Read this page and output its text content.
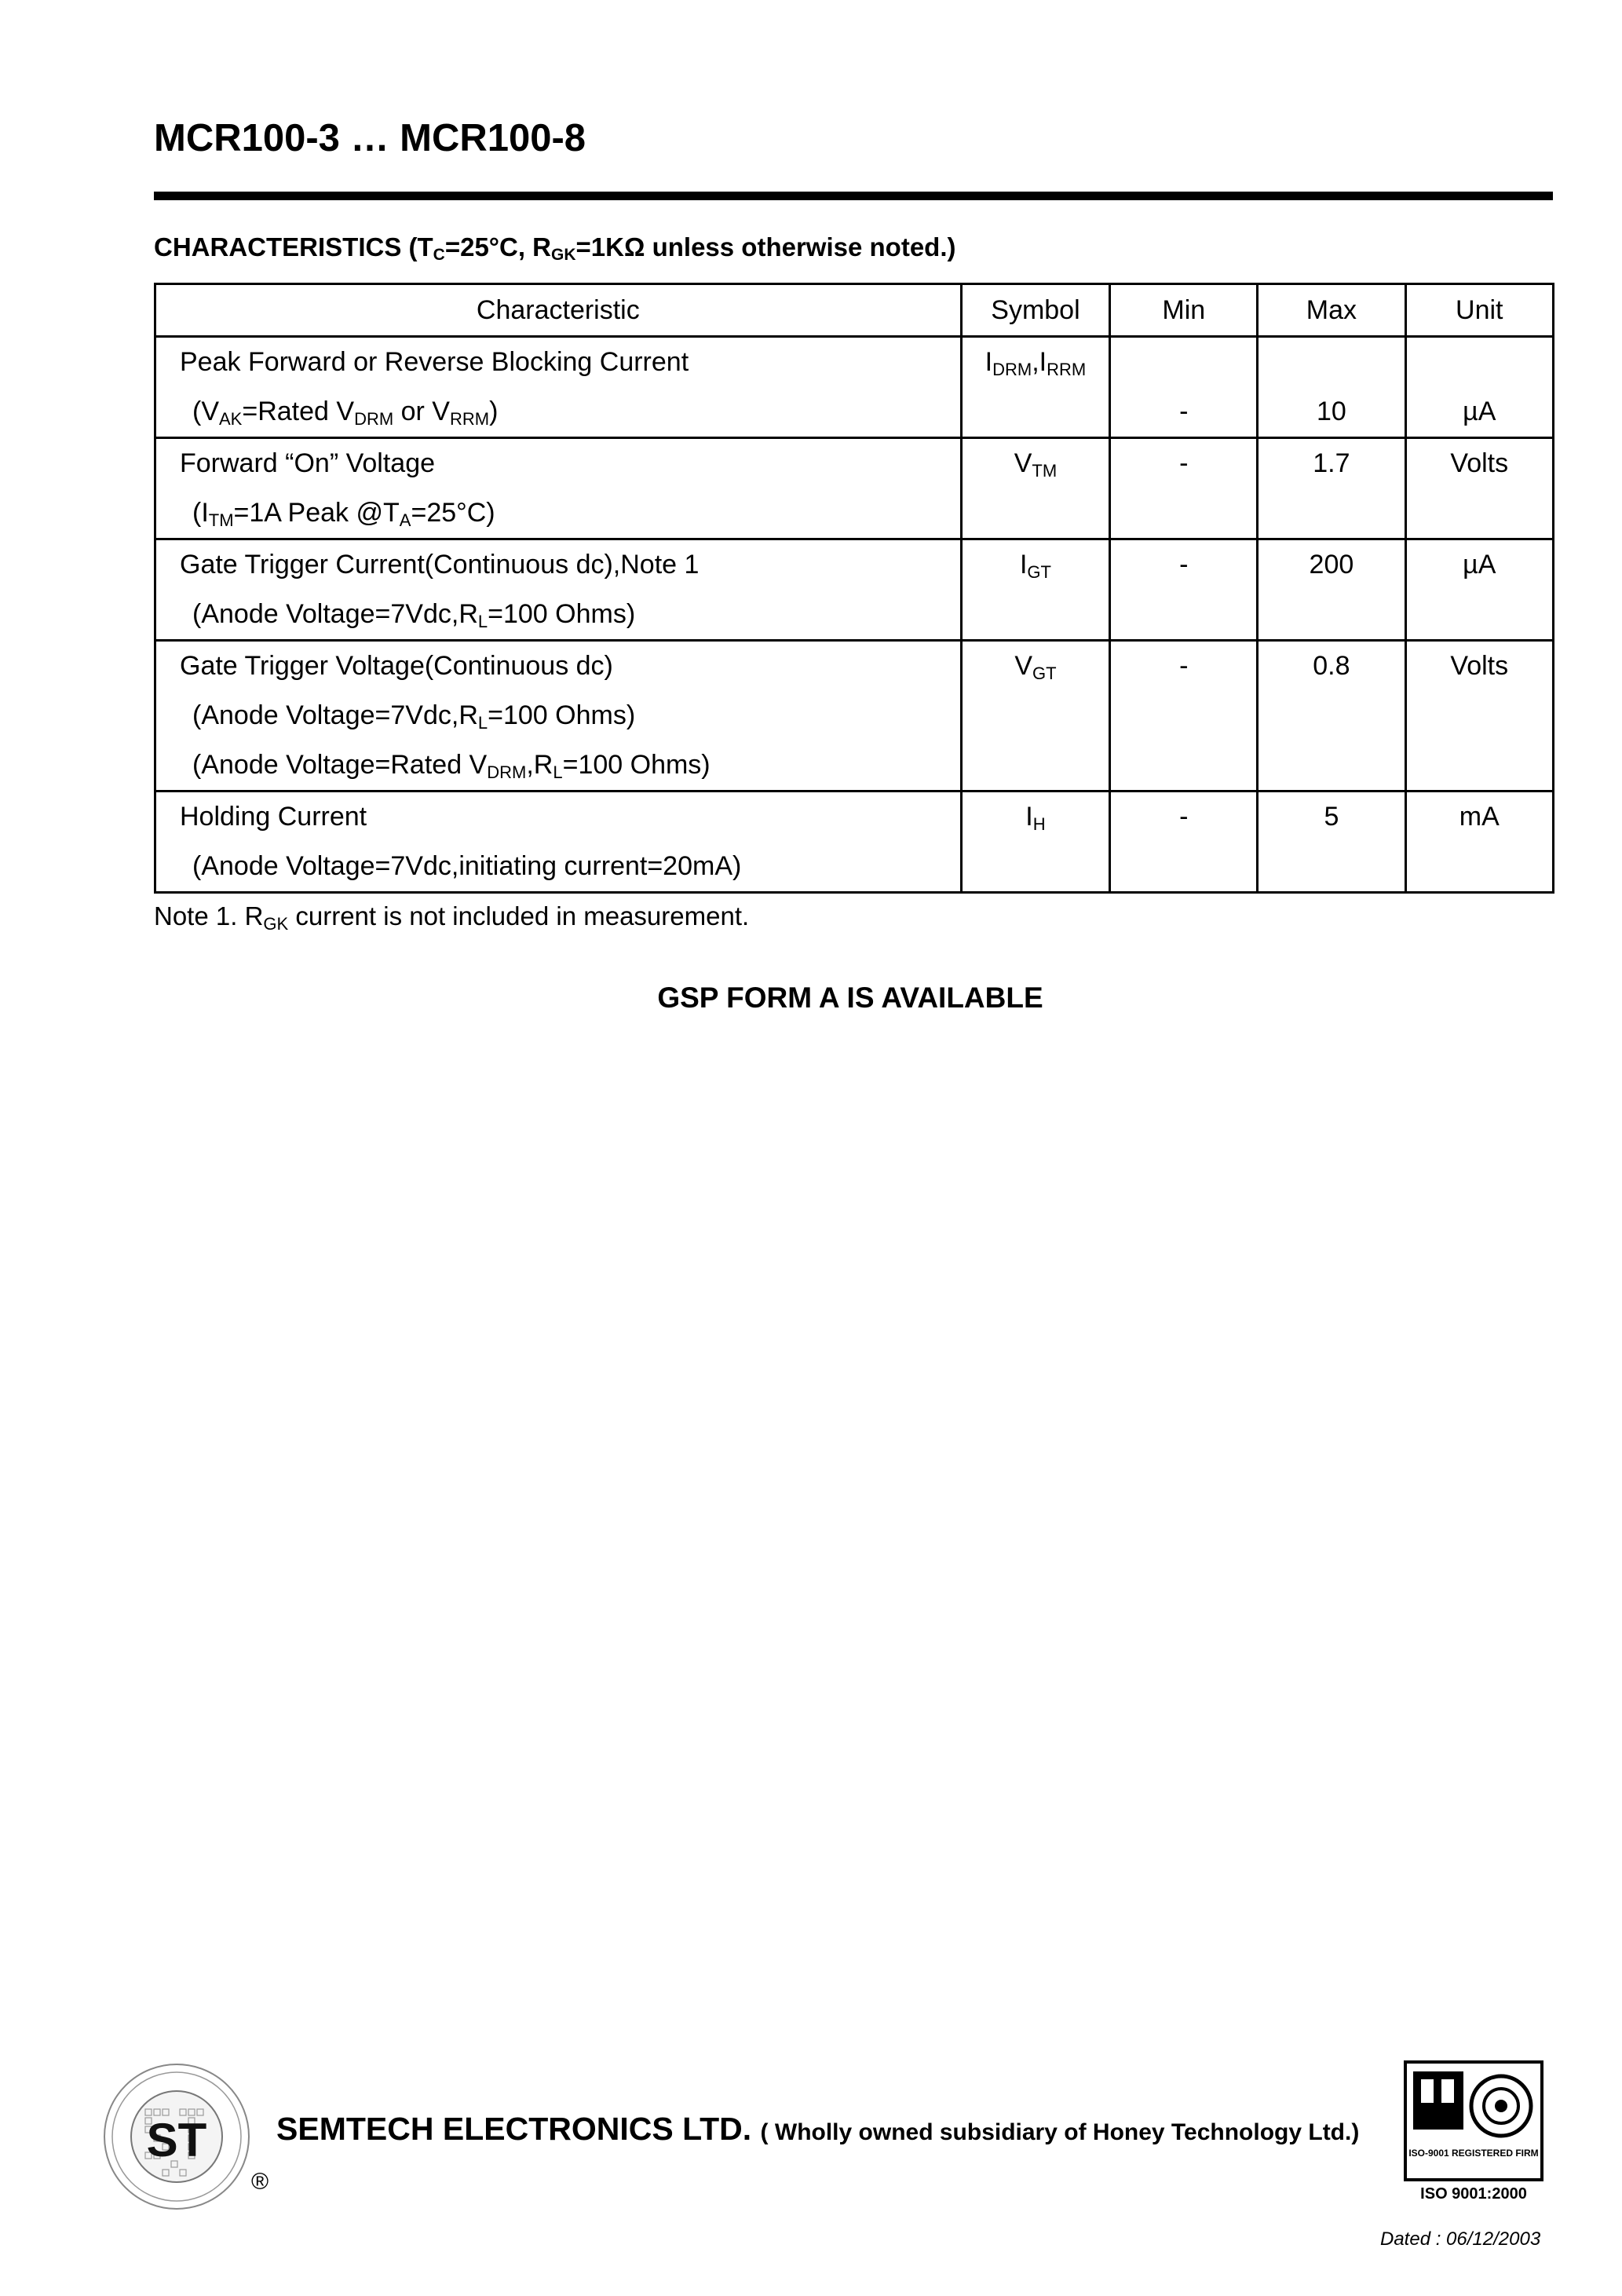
MCR100-3 … MCR100-8
CHARACTERISTICS ($T_C=25^\circ C$, $R_{GK}=1K\Omega$ unless otherwise noted.)
Characteristic	Symbol	Min	Max	Unit

Peak Forward or Reverse Blocking Current
($V_{AK}=Rated$ $V_{DRM}$ or $V_{RRM}$)	$I_{DRM},I_{RRM}$	-	10	µA

Forward “On” Voltage
($I_{TM}=1A$ Peak $@T_A=25^\circ C$)	$V_{TM}$	-	1.7	Volts

Gate Trigger Current(Continuous dc),Note 1
(Anode $Voltage=7Vdc,R_L=100$ Ohms)	$I_{GT}$	-	200	µA

Gate Trigger Voltage(Continuous dc)
(Anode $Voltage=7Vdc,R_L=100$ Ohms)
(Anode Voltage=Rated $V_{DRM},R_L=100$ Ohms)	$V_{GT}$	-	0.8	Volts

Holding Current
(Anode Voltage=7Vdc,initiating current=20mA)	$I_H$	-	5	mA
Note 1. $R_{GK}$ current is not included in measurement.
GSP FORM A IS AVAILABLE
ST
®
SEMTECH ELECTRONICS LTD. ( Wholly owned subsidiary of Honey Technology Ltd.)
ISO-9001 REGISTERED FIRM
ISO 9001:2000
Dated : 06/12/2003
